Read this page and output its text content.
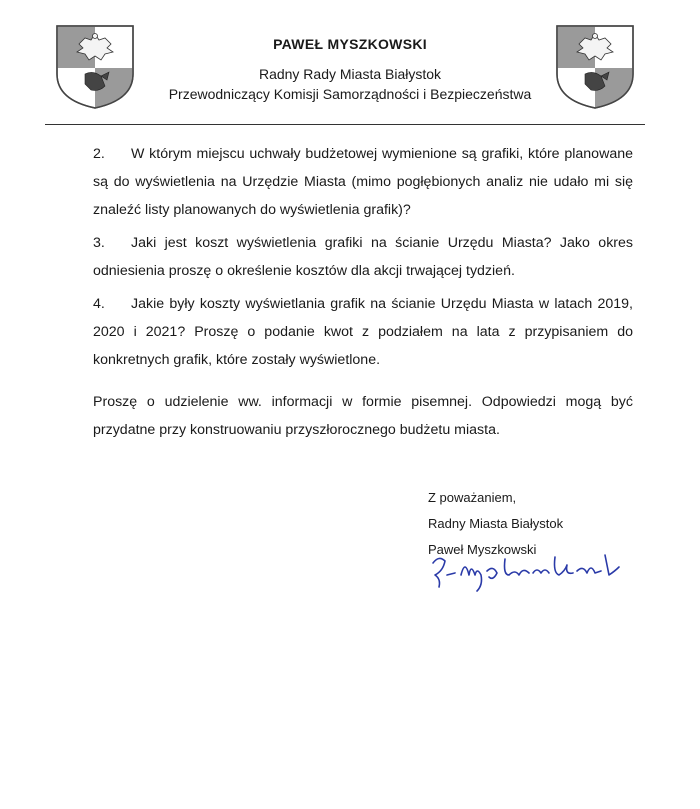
PAWEŁ MYSZKOWSKI
Radny Rady Miasta Białystok
Przewodniczący Komisji Samorządności i Bezpieczeństwa
2. W którym miejscu uchwały budżetowej wymienione są grafiki, które planowane są do wyświetlenia na Urzędzie Miasta (mimo pogłębionych analiz nie udało mi się znaleźć listy planowanych do wyświetlenia grafik)?
3. Jaki jest koszt wyświetlenia grafiki na ścianie Urzędu Miasta? Jako okres odniesienia proszę o określenie kosztów dla akcji trwającej tydzień.
4. Jakie były koszty wyświetlania grafik na ścianie Urzędu Miasta w latach 2019, 2020 i 2021? Proszę o podanie kwot z podziałem na lata z przypisaniem do konkretnych grafik, które zostały wyświetlone.
Proszę o udzielenie ww. informacji w formie pisemnej. Odpowiedzi mogą być przydatne przy konstruowaniu przyszłorocznego budżetu miasta.
Z poważaniem,
Radny Miasta Białystok
Paweł Myszkowski
